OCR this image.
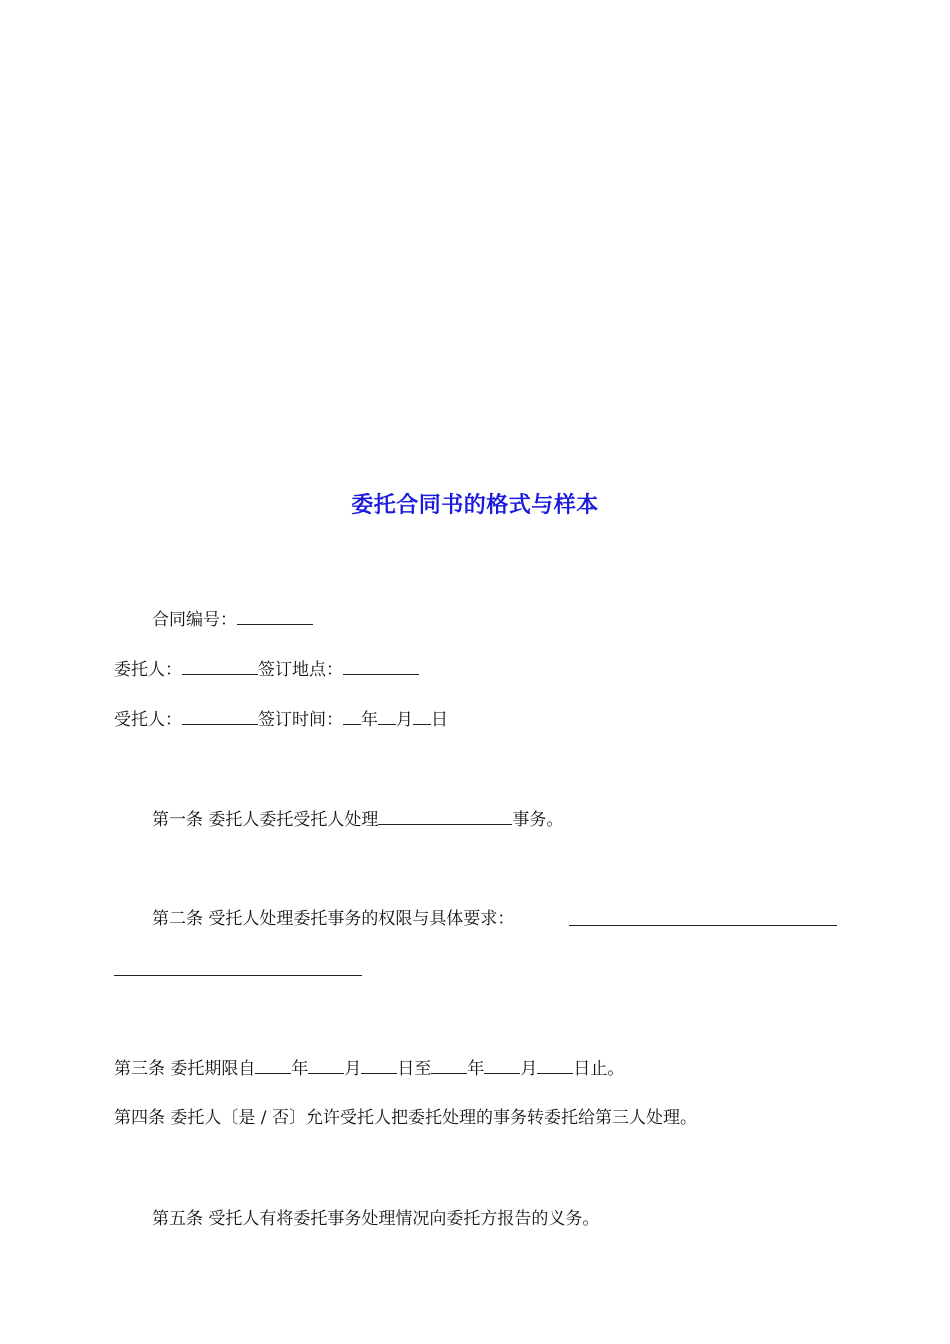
委托合同书的格式与样本
合同编号：
委托人：	签订地点：
受托人：	签订时间： 年 月 日
第一条 委托人委托受托人处理	事务。
第二条 受托人处理委托事务的权限与具体要求：
第三条 委托期限自 年 月 日至 年 月 日止。
第四条 委托人〔是 / 否〕允许受托人把委托处理的事务转委托给第三人处理。
第五条 受托人有将委托事务处理情况向委托方报告的义务。
